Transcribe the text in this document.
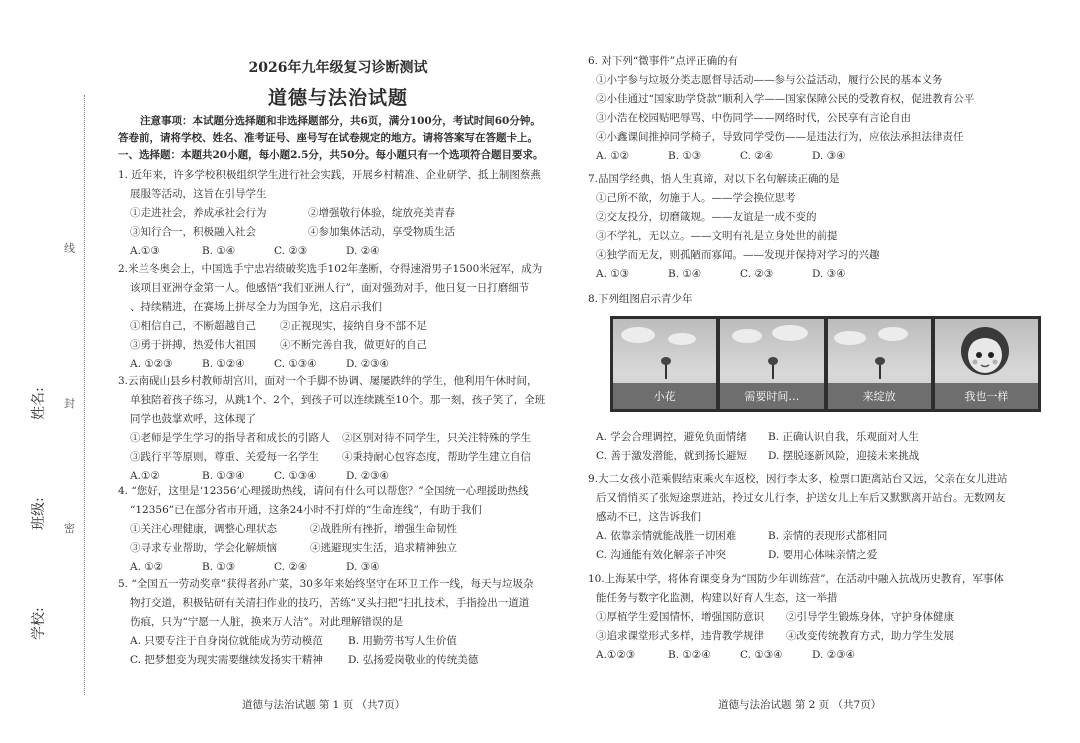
线
封
密
姓名:
班级:
学校:
2026年九年级复习诊断测试
道德与法治试题
注意事项：本试题分选择题和非选择题部分，共6页，满分100分，考试时间60分钟。
答卷前，请将学校、姓名、准考证号、座号写在试卷规定的地方。请将答案写在答题卡上。
一、选择题：本题共20小题，每小题2.5分，共50分。每小题只有一个选项符合题目要求。

1. 近年来，许多学校积极组织学生进行社会实践，开展乡村精准、企业研学、抵上制图蔡燕

展服等活动，这旨在引导学生

①走进社会，养成承社会行为	②增强敬行体验，绽放亮美青春
③知行合一，积极融入社会	④参加集体活动，享受物质生活
A.①③	B. ①④	C. ②③	D. ②④

2.米兰冬奥会上，中国选手宁忠岩绩破奖选手102年垄断，夺得速滑男子1500米冠军，成为

该项目亚洲夺金第一人。他感悟“我们亚洲人行”，面对强劲对手，他日复一日打磨细节

、持续精进，在赛场上拼尽全力为国争光，这启示我们

①相信自己，不断超越自己	②正视现实，接纳自身不部不足
③勇于拼搏，热爱伟大祖国	④不断完善自我，做更好的自己
A. ①②③	B. ①②④	C. ①③④	D. ②③④

3.云南砚山县乡村教师胡宫川，面对一个手脚不协调、屡屡跌绊的学生，他利用午休时间，

单独陪着孩子练习，从跳1个、2个，到孩子可以连续跳至10个。那一刻，孩子笑了，全班

同学也鼓掌欢呼，这体现了

①老师是学生学习的指导者和成长的引路人	②区别对待不同学生，只关注特殊的学生
③践行平等原则，尊重、关爱每一名学生	④秉持耐心包容态度，帮助学生建立自信
A.①②	B. ①③④	C. ①③④	D. ②③④

4. “您好，这里是‘12356’心理援助热线，请问有什么可以帮您？”全国统一心理援助热线

“12356”已在部分省市开通，这条24小时不打烊的“生命连线”，有助于我们

①关注心理健康，调整心理状态	②战胜所有挫折，增强生命韧性
③寻求专业帮助，学会化解烦恼	④逃避现实生活，追求精神独立
A. ①②	B. ①③	C. ②④	D. ③④

5. “全国五一劳动奖章”获得者孙广菜，30多年来始终坚守在环卫工作一线，每天与垃圾杂

物打交道，积极钻研有关清扫作业的技巧，苦练“叉头扫把”扫扎技术，手指捡出一道道

伤痕，只为“宁愿一人脏，换来万人洁”。对此理解错误的是

A. 只要专注于自身岗位就能成为劳动模范	B. 用勤劳书写人生价值
C. 把梦想变为现实需要继续发扬实干精神	D. 弘扬爱岗敬业的传统美德
道德与法治试题 第 1 页 （共7页）

6. 对下列“微事件”点评正确的有

①小宇参与垃圾分类志愿督导活动——参与公益活动，履行公民的基本义务

②小佳通过“国家助学贷款”顺利入学——国家保障公民的受教育权，促进教育公平

③小浩在校园贴吧辱骂、中伤同学——网络时代，公民享有言论自由

④小鑫课间推掉同学椅子，导致同学受伤——是违法行为，应依法承担法律责任

A. ①②	B. ①③	C. ②④	D. ③④

7.品国学经典，悟人生真谛，对以下名句解读正确的是

①己所不欲，勿施于人。——学会换位思考

②交友投分，切磨箴规。——友谊是一成不变的

③不学礼，无以立。——文明有礼是立身处世的前提

④独学而无友，则孤陋而寡闻。——发现并保持对学习的兴趣

A. ①③	B. ①④	C. ②③	D. ③④

8.下列组图启示青少年

小花	需要时间…	来绽放	我也一样
A. 学会合理调控，避免负面情绪	B. 正确认识自我，乐观面对人生
C. 善于激发潜能，就到扬长避短	D. 摆脱逐新风险，迎接未来挑战

9.大二女孩小范乘假结束乘火车返校，因行李太多，检票口距离站台又远，父亲在女儿进站

后又悄悄买了张短途票进站，拎过女儿行李，护送女儿上车后又默默离开站台。无数网友

感动不已，这告诉我们

A. 依靠亲情就能战胜一切困难	B. 亲情的表现形式都相同
C. 沟通能有效化解亲子冲突	D. 要用心体味亲情之爱

10.上海某中学，将体育课变身为“国防少年训练营”，在活动中融入抗战历史教育，军事体

能任务与数字化监测，构建以好育人生态，这一举措

①厚植学生爱国情怀，增强国防意识	②引导学生锻炼身体，守护身体健康
③追求课堂形式多样，违背教学规律	④改变传统教育方式，助力学生发展
A.①②③	B. ①②④	C. ①③④	D. ②③④
道德与法治试题 第 2 页 （共7页）
